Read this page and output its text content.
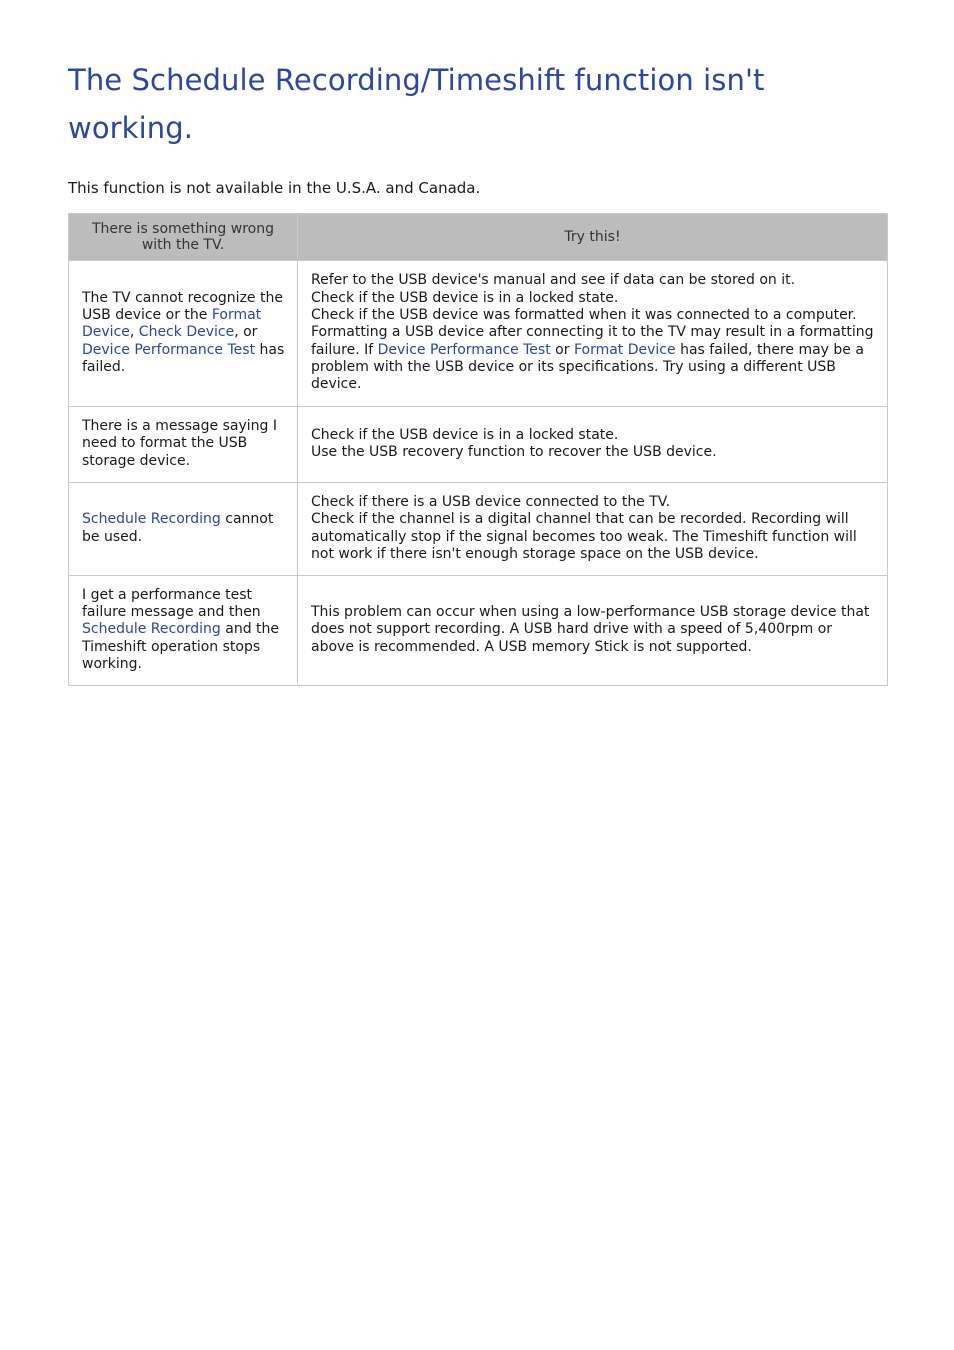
The Schedule Recording/Timeshift function isn't
working.

This function is not available in the U.S.A. and Canada.

There is something wrong with the TV.	Try this!
The TV cannot recognize the USB device or the Format Device, Check Device, or Device Performance Test has failed.	Refer to the USB device's manual and see if data can be stored on it.
Check if the USB device is in a locked state.
Check if the USB device was formatted when it was connected to a computer.
Formatting a USB device after connecting it to the TV may result in a formatting failure. If Device Performance Test or Format Device has failed, there may be a problem with the USB device or its specifications. Try using a different USB device.

There is a message saying I need to format the USB storage device.	Check if the USB device is in a locked state.
Use the USB recovery function to recover the USB device.

Schedule Recording cannot be used.	Check if there is a USB device connected to the TV.
Check if the channel is a digital channel that can be recorded. Recording will automatically stop if the signal becomes too weak. The Timeshift function will not work if there isn't enough storage space on the USB device.

I get a performance test failure message and then Schedule Recording and the Timeshift operation stops working.	This problem can occur when using a low-performance USB storage device that does not support recording. A USB hard drive with a speed of 5,400rpm or above is recommended. A USB memory Stick is not supported.
